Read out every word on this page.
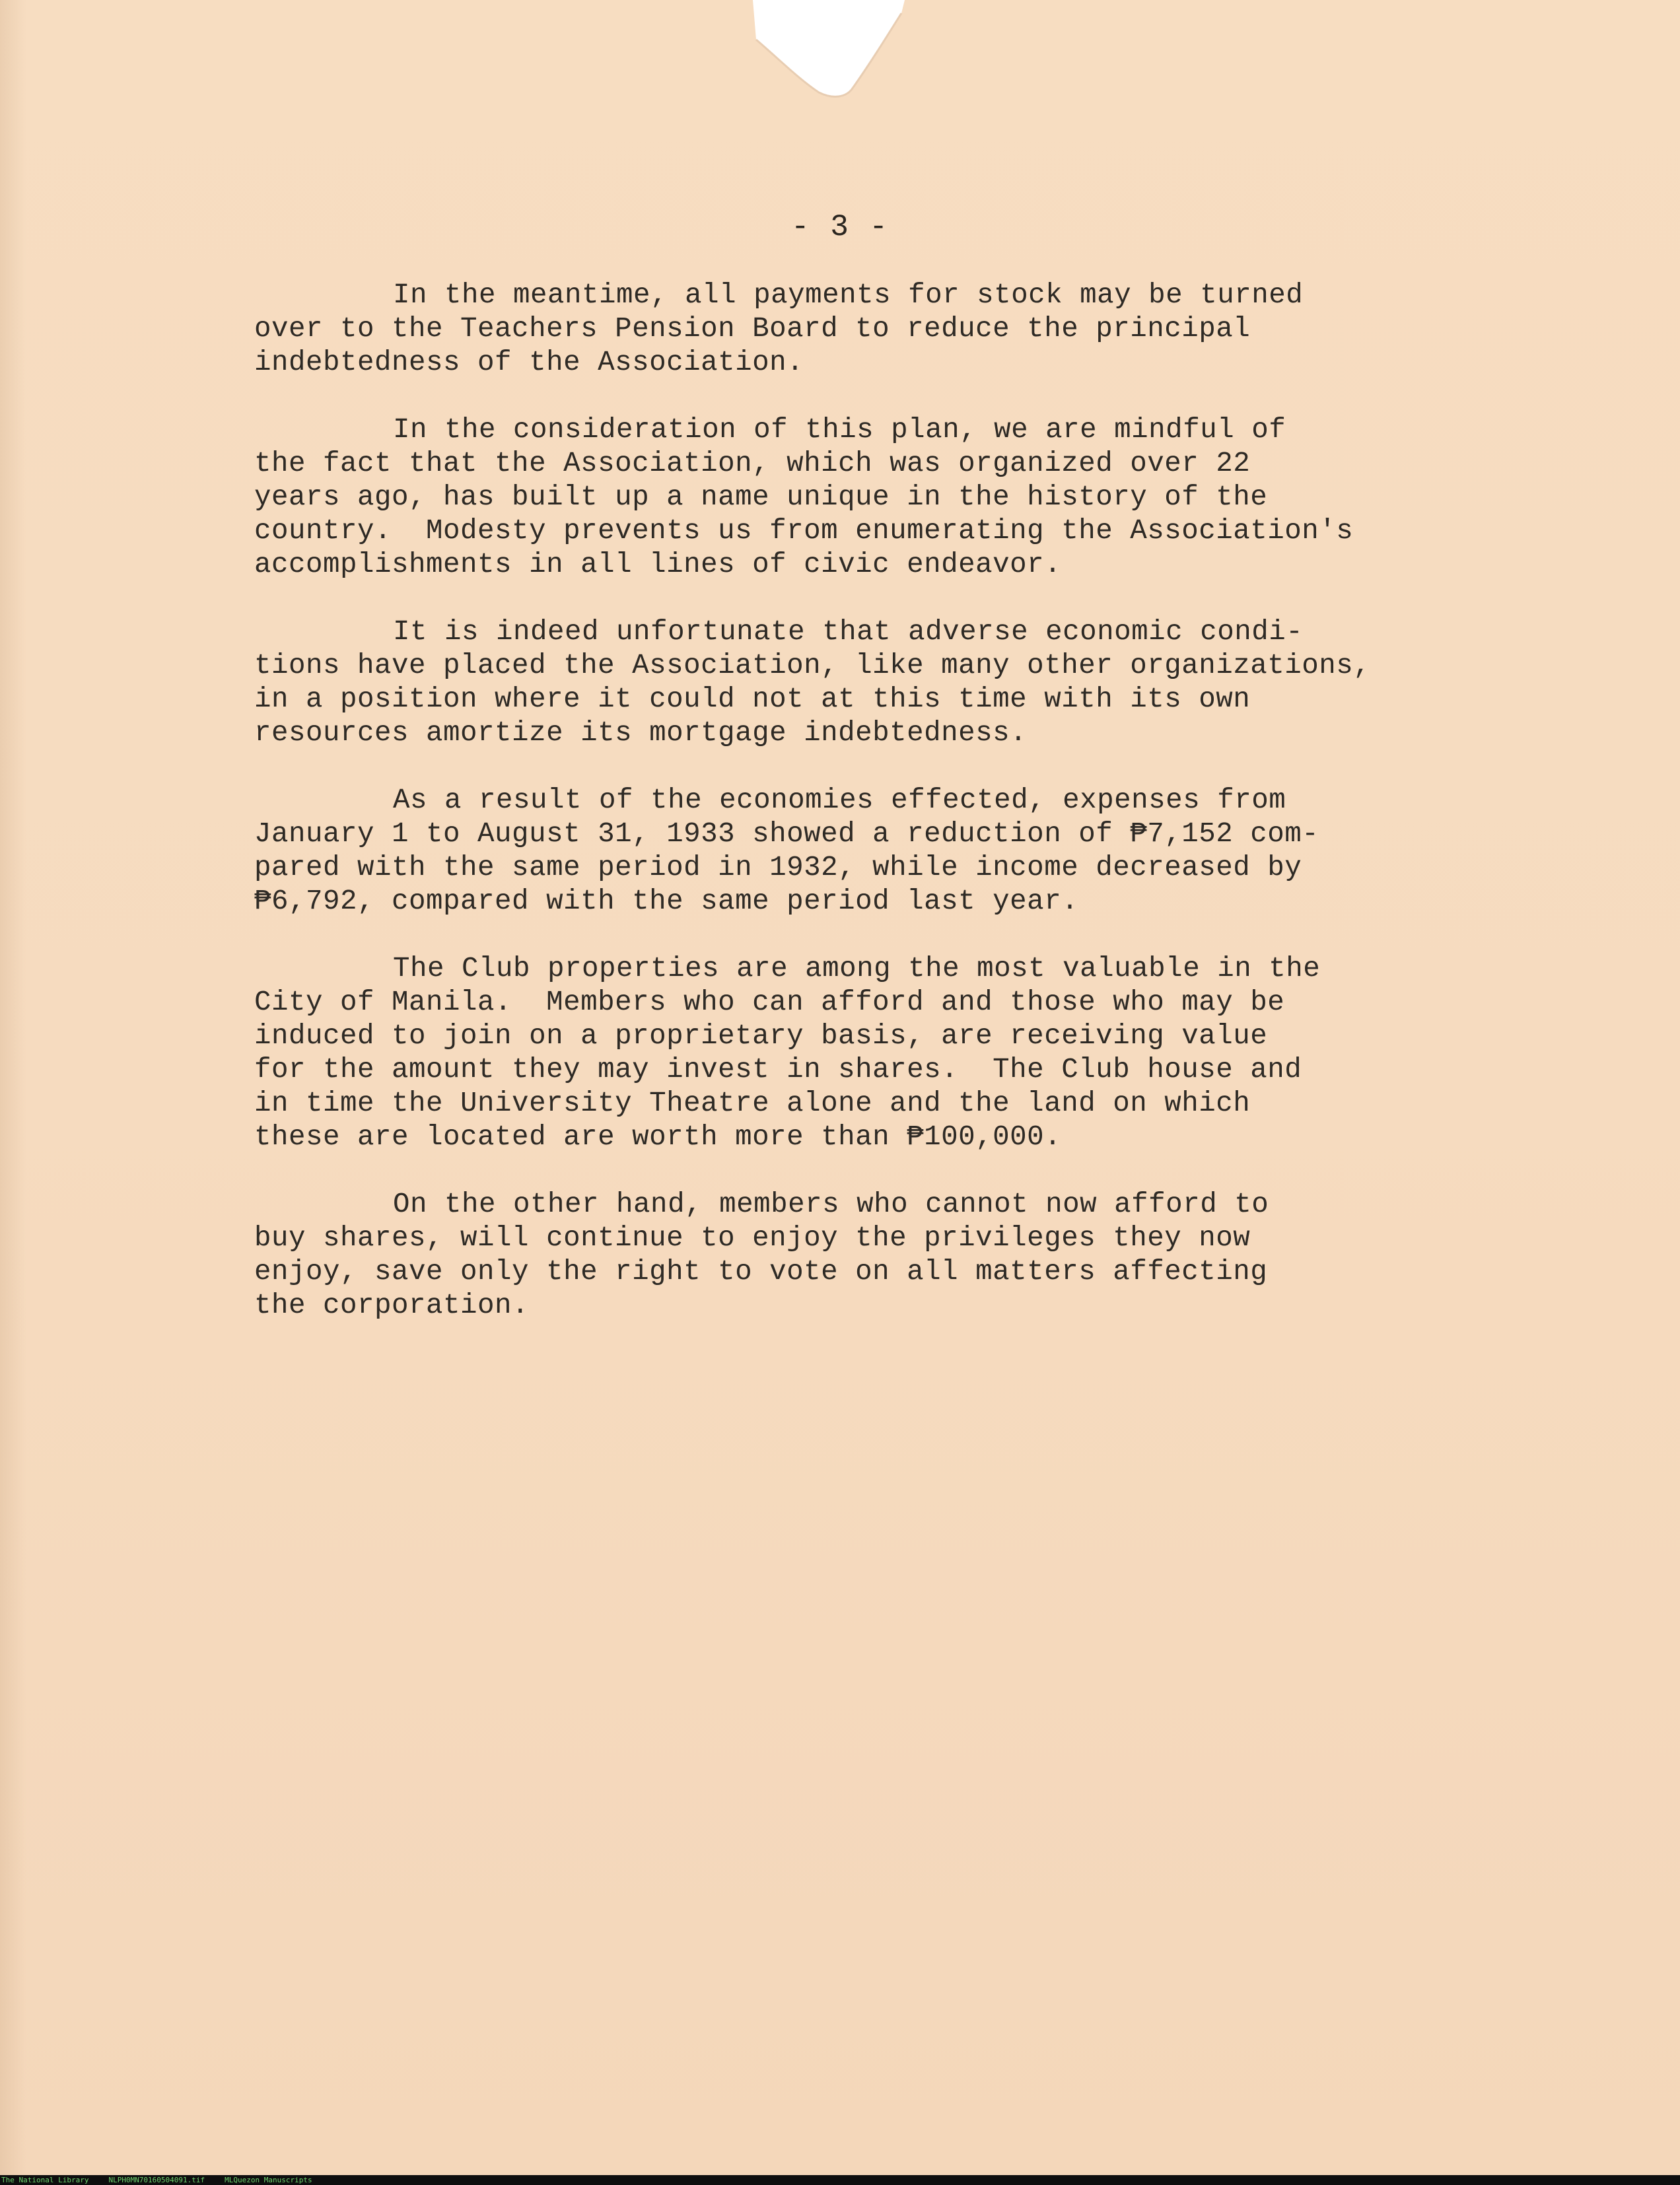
- 3 -
In the meantime, all payments for stock may be turned
over to the Teachers Pension Board to reduce the principal
indebtedness of the Association.
In the consideration of this plan, we are mindful of
the fact that the Association, which was organized over 22
years ago, has built up a name unique in the history of the
country.  Modesty prevents us from enumerating the Association's
accomplishments in all lines of civic endeavor.
It is indeed unfortunate that adverse economic condi-
tions have placed the Association, like many other organizations,
in a position where it could not at this time with its own
resources amortize its mortgage indebtedness.
As a result of the economies effected, expenses from
January 1 to August 31, 1933 showed a reduction of ₱7,152 com-
pared with the same period in 1932, while income decreased by
₱6,792, compared with the same period last year.
The Club properties are among the most valuable in the
City of Manila.  Members who can afford and those who may be
induced to join on a proprietary basis, are receiving value
for the amount they may invest in shares.  The Club house and
in time the University Theatre alone and the land on which
these are located are worth more than ₱100,000.
On the other hand, members who cannot now afford to
buy shares, will continue to enjoy the privileges they now
enjoy, save only the right to vote on all matters affecting
the corporation.
The National Library	NLPH0MN70160504091.tif	MLQuezon Manuscripts
